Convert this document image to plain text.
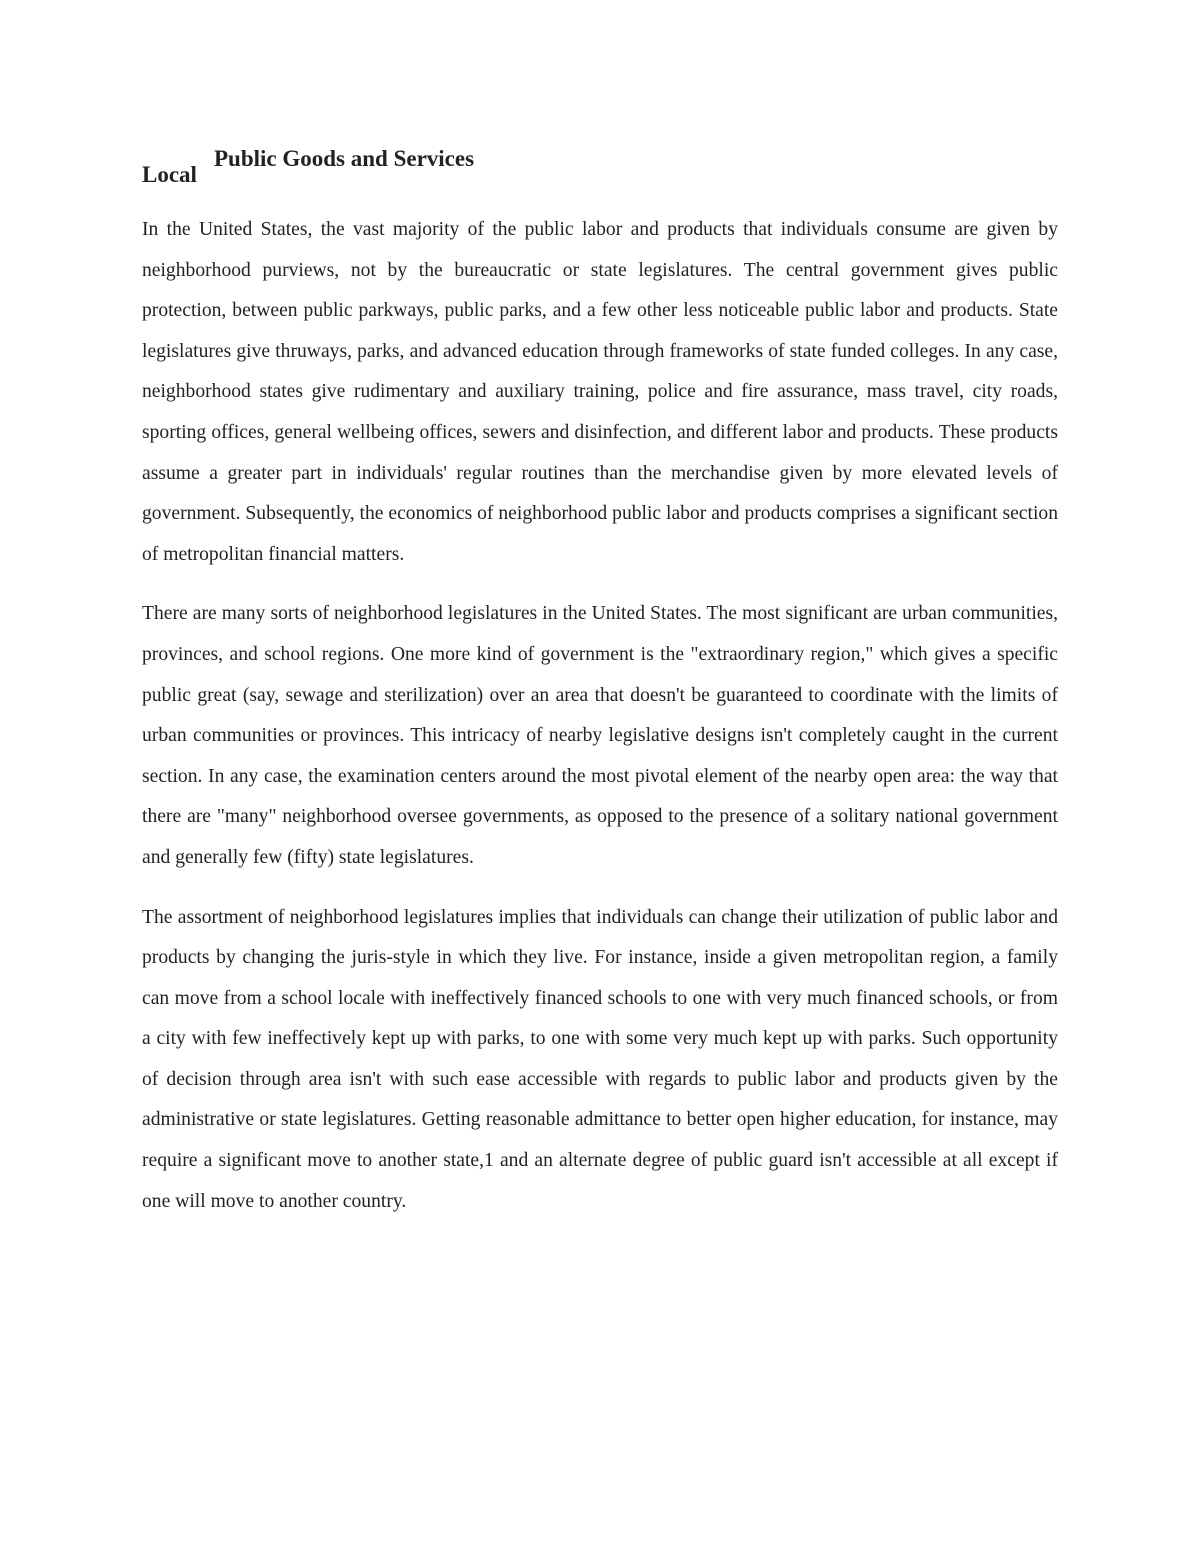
Local
Public Goods and Services

In the United States, the vast majority of the public labor and products that individuals consume are given by neighborhood purviews, not by the bureaucratic or state legislatures. The central government gives public protection, between public parkways, public parks, and a few other less noticeable public labor and products. State legislatures give thruways, parks, and advanced education through frameworks of state funded colleges. In any case, neighborhood states give rudimentary and auxiliary training, police and fire assurance, mass travel, city roads, sporting offices, general wellbeing offices, sewers and disinfection, and different labor and products. These products assume a greater part in individuals' regular routines than the merchandise given by more elevated levels of government. Subsequently, the economics of neighborhood public labor and products comprises a significant section of metropolitan financial matters.

There are many sorts of neighborhood legislatures in the United States. The most significant are urban communities, provinces, and school regions. One more kind of government is the "extraordinary region," which gives a specific public great (say, sewage and sterilization) over an area that doesn't be guaranteed to coordinate with the limits of urban communities or provinces. This intricacy of nearby legislative designs isn't completely caught in the current section. In any case, the examination centers around the most pivotal element of the nearby open area: the way that there are "many" neighborhood oversee governments, as opposed to the presence of a solitary national government and generally few (fifty) state legislatures.

The assortment of neighborhood legislatures implies that individuals can change their utilization of public labor and products by changing the juris-style in which they live. For instance, inside a given metropolitan region, a family can move from a school locale with ineffectively financed schools to one with very much financed schools, or from a city with few ineffectively kept up with parks, to one with some very much kept up with parks. Such opportunity of decision through area isn't with such ease accessible with regards to public labor and products given by the administrative or state legislatures. Getting reasonable admittance to better open higher education, for instance, may require a significant move to another state,1 and an alternate degree of public guard isn't accessible at all except if one will move to another country.
